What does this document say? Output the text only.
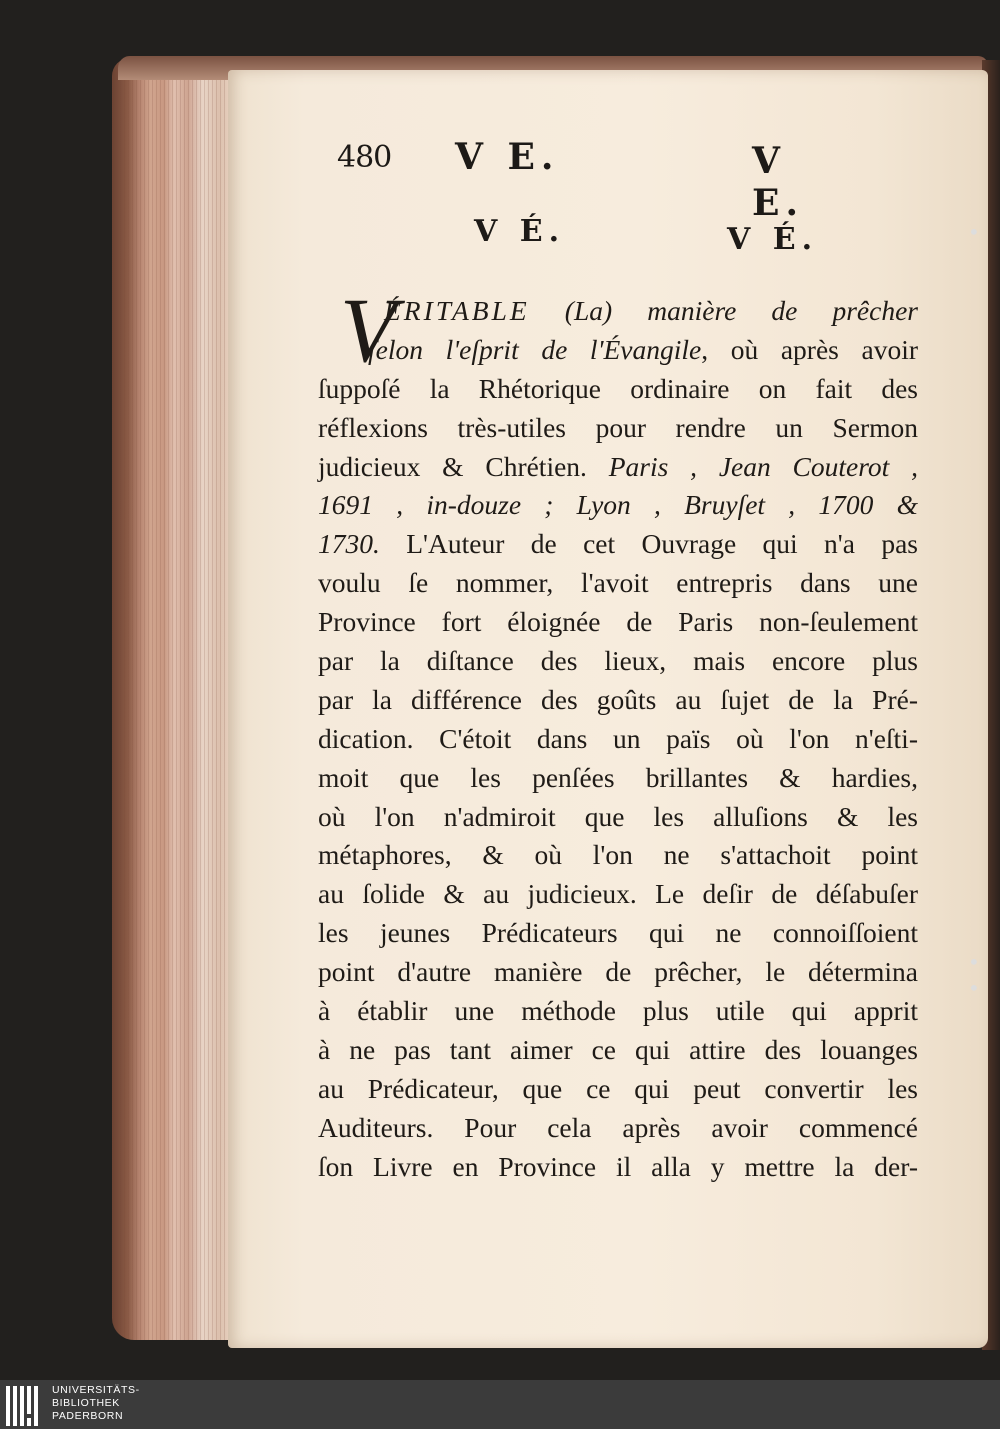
480 V E.	V E.
V É.	V É.
V
ÉRITABLE (La) manière de prêcher
ſelon l'eſprit de l'Évangile, où après avoir
ſuppoſé la Rhétorique ordinaire on fait des
réflexions très-utiles pour rendre un Sermon
judicieux & Chrétien. Paris , Jean Couterot ,
1691 , in-douze ; Lyon , Bruyſet , 1700 &
1730. L'Auteur de cet Ouvrage qui n'a pas
voulu ſe nommer, l'avoit entrepris dans une
Province fort éloignée de Paris non-ſeulement
par la diſtance des lieux, mais encore plus
par la différence des goûts au ſujet de la Pré-
dication. C'étoit dans un païs où l'on n'eſti-
moit que les penſées brillantes & hardies,
où l'on n'admiroit que les alluſions & les
métaphores, & où l'on ne s'attachoit point
au ſolide & au judicieux. Le deſir de déſabuſer
les jeunes Prédicateurs qui ne connoiſſoient
point d'autre manière de prêcher, le détermina
à établir une méthode plus utile qui apprit
à ne pas tant aimer ce qui attire des louanges
au Prédicateur, que ce qui peut convertir les
Auditeurs. Pour cela après avoir commencé
ſon Livre en Province il alla y mettre la der-
•
•
•
UNIVERSITÄTS-
BIBLIOTHEK
PADERBORN
